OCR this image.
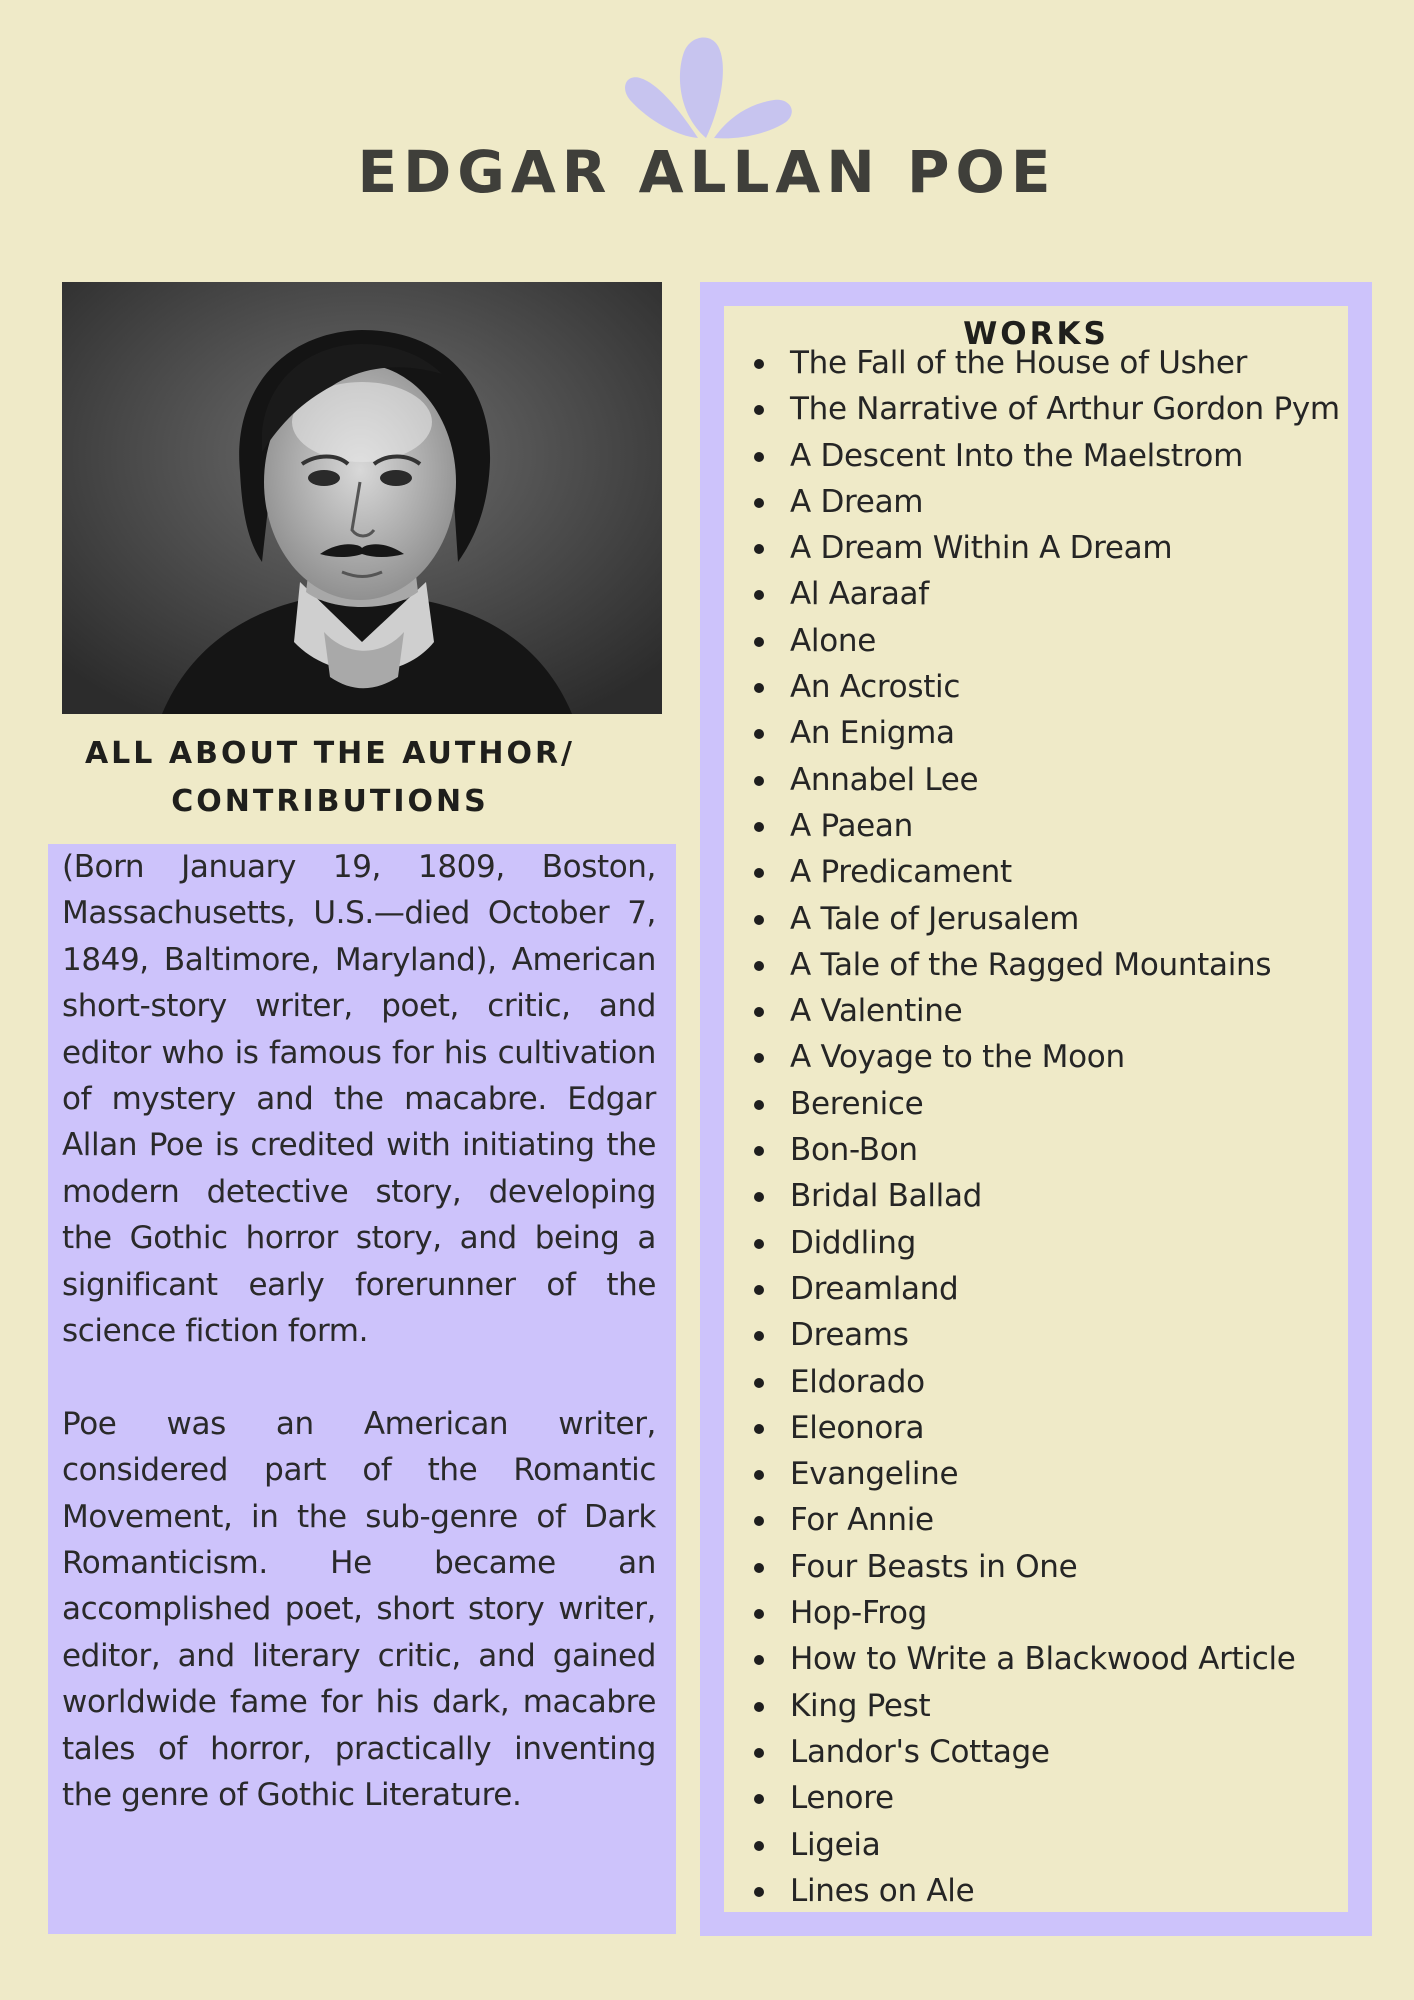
EDGAR ALLAN POE
ALL ABOUT THE AUTHOR/
CONTRIBUTIONS

(Born January 19, 1809, Boston, Massachusetts, U.S.—died October 7, 1849, Baltimore, Maryland), American short-story writer, poet, critic, and editor who is famous for his cultivation of mystery and the macabre. Edgar Allan Poe is credited with initiating the modern detective story, developing the Gothic horror story, and being a significant early forerunner of the science fiction form.

Poe was an American writer, considered part of the Romantic Movement, in the sub-genre of Dark Romanticism. He became an accomplished poet, short story writer, editor, and literary critic, and gained worldwide fame for his dark, macabre tales of horror, practically inventing the genre of Gothic Literature.

WORKS
The Fall of the House of Usher
The Narrative of Arthur Gordon Pym
A Descent Into the Maelstrom
A Dream
A Dream Within A Dream
Al Aaraaf
Alone
An Acrostic
An Enigma
Annabel Lee
A Paean
A Predicament
A Tale of Jerusalem
A Tale of the Ragged Mountains
A Valentine
A Voyage to the Moon
Berenice
Bon-Bon
Bridal Ballad
Diddling
Dreamland
Dreams
Eldorado
Eleonora
Evangeline
For Annie
Four Beasts in One
Hop-Frog
How to Write a Blackwood Article
King Pest
Landor's Cottage
Lenore
Ligeia
Lines on Ale
